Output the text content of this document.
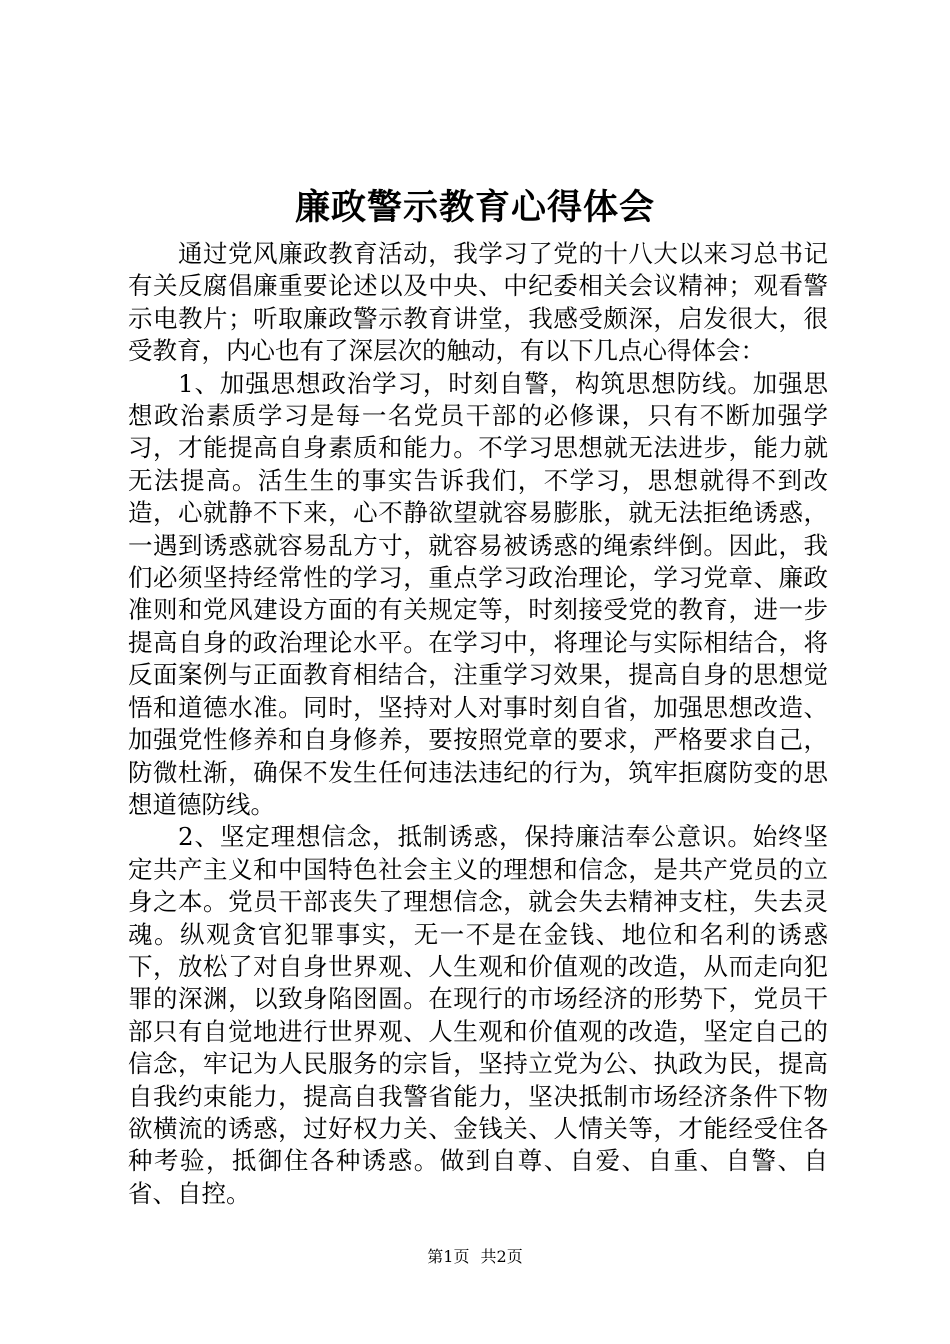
廉政警示教育心得体会

通过党风廉政教育活动，我学习了党的十八大以来习总书记有关反腐倡廉重要论述以及中央、中纪委相关会议精神；观看警示电教片；听取廉政警示教育讲堂，我感受颇深，启发很大，很受教育，内心也有了深层次的触动，有以下几点心得体会：

1、加强思想政治学习，时刻自警，构筑思想防线。加强思想政治素质学习是每一名党员干部的必修课，只有不断加强学习，才能提高自身素质和能力。不学习思想就无法进步，能力就无法提高。活生生的事实告诉我们，不学习，思想就得不到改造，心就静不下来，心不静欲望就容易膨胀，就无法拒绝诱惑，一遇到诱惑就容易乱方寸，就容易被诱惑的绳索绊倒。因此，我们必须坚持经常性的学习，重点学习政治理论，学习党章、廉政准则和党风建设方面的有关规定等，时刻接受党的教育，进一步提高自身的政治理论水平。在学习中，将理论与实际相结合，将反面案例与正面教育相结合，注重学习效果，提高自身的思想觉悟和道德水准。同时，坚持对人对事时刻自省，加强思想改造、加强党性修养和自身修养，要按照党章的要求，严格要求自己，防微杜渐，确保不发生任何违法违纪的行为，筑牢拒腐防变的思想道德防线。

2、坚定理想信念，抵制诱惑，保持廉洁奉公意识。始终坚定共产主义和中国特色社会主义的理想和信念，是共产党员的立身之本。党员干部丧失了理想信念，就会失去精神支柱，失去灵魂。纵观贪官犯罪事实，无一不是在金钱、地位和名利的诱惑下，放松了对自身世界观、人生观和价值观的改造，从而走向犯罪的深渊，以致身陷囹圄。在现行的市场经济的形势下，党员干部只有自觉地进行世界观、人生观和价值观的改造，坚定自己的信念，牢记为人民服务的宗旨，坚持立党为公、执政为民，提高自我约束能力，提高自我警省能力，坚决抵制市场经济条件下物欲横流的诱惑，过好权力关、金钱关、人情关等，才能经受住各种考验，抵御住各种诱惑。做到自尊、自爱、自重、自警、自省、自控。

第1页 共2页
